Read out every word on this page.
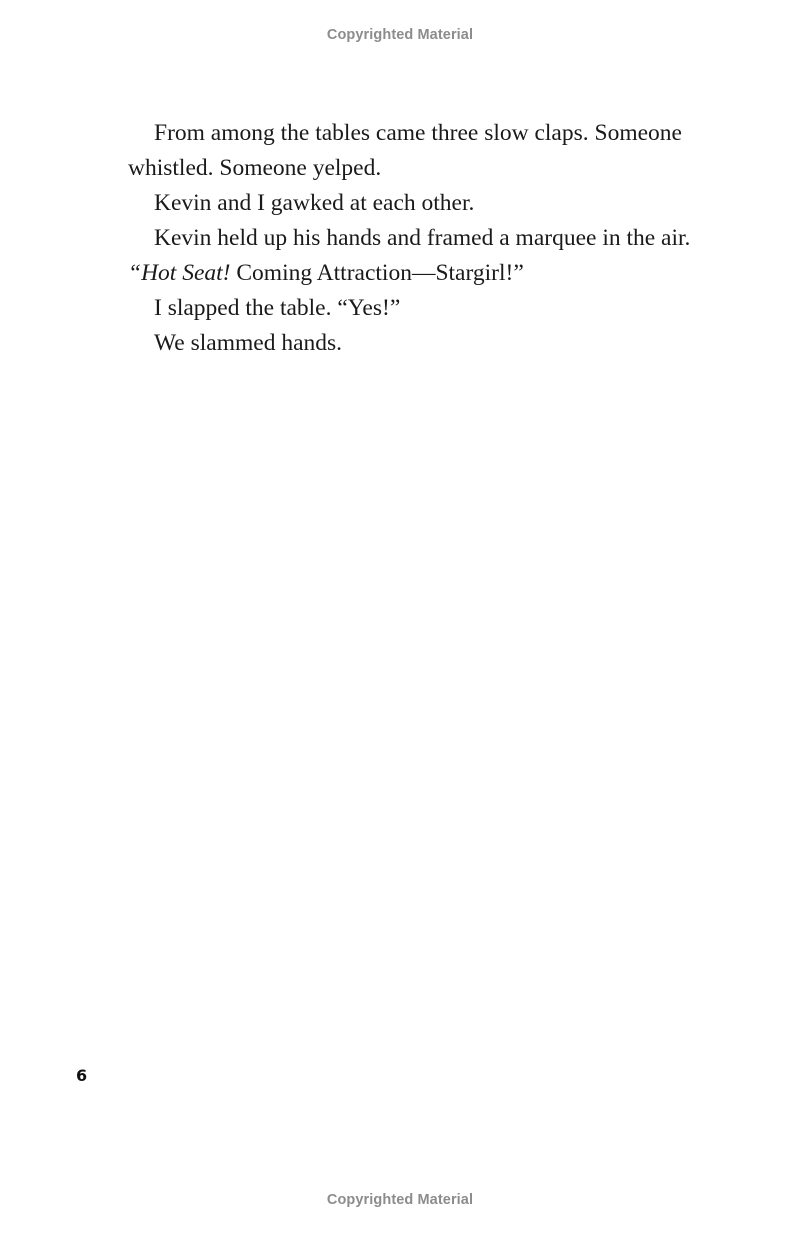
Copyrighted Material
From among the tables came three slow claps. Someone
whistled. Someone yelped.
Kevin and I gawked at each other.
Kevin held up his hands and framed a marquee in the air.
“Hot Seat! Coming Attraction—Stargirl!”
I slapped the table. “Yes!”
We slammed hands.
6
Copyrighted Material
